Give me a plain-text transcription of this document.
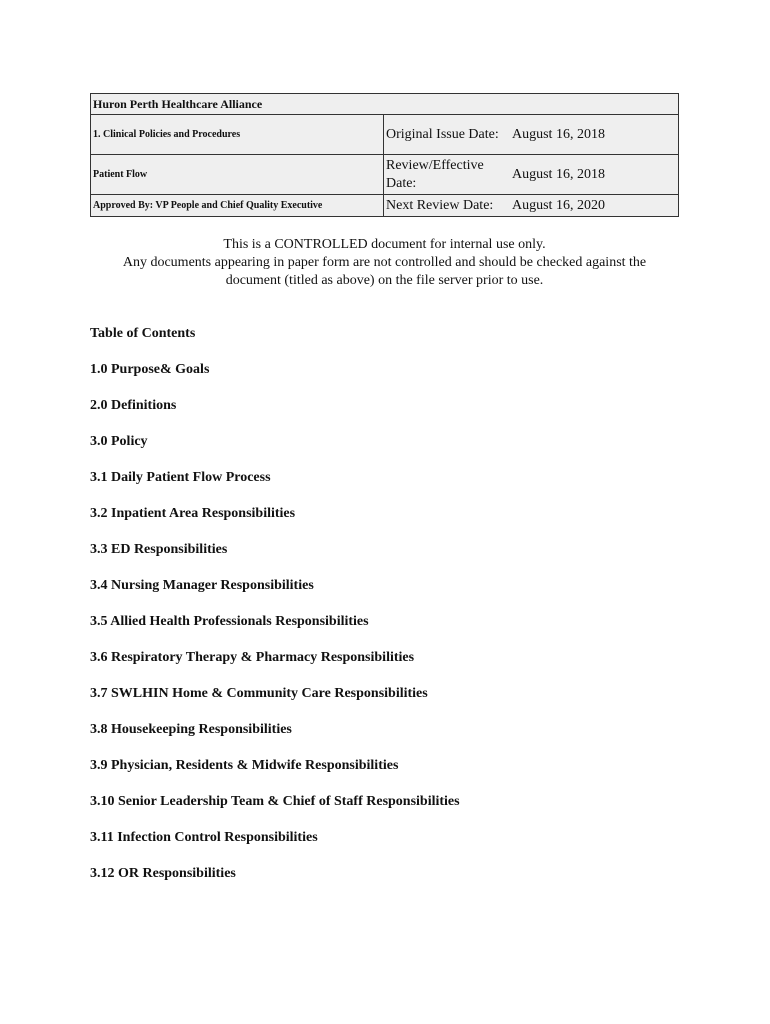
Huron Perth Healthcare Alliance		
1. Clinical Policies and Procedures	Original Issue Date:	August 16, 2018
Patient Flow	Review/Effective Date:	August 16, 2018
Approved By: VP People and Chief Quality Executive	Next Review Date:	August 16, 2020
This is a CONTROLLED document for internal use only.
Any documents appearing in paper form are not controlled and should be checked against the
document (titled as above) on the file server prior to use.
Table of Contents
1.0 Purpose& Goals
2.0 Definitions
3.0 Policy
3.1 Daily Patient Flow Process
3.2 Inpatient Area Responsibilities
3.3 ED Responsibilities
3.4 Nursing Manager Responsibilities
3.5 Allied Health Professionals Responsibilities
3.6 Respiratory Therapy & Pharmacy Responsibilities
3.7 SWLHIN Home & Community Care Responsibilities
3.8 Housekeeping Responsibilities
3.9 Physician, Residents & Midwife Responsibilities
3.10 Senior Leadership Team & Chief of Staff Responsibilities
3.11 Infection Control Responsibilities
3.12 OR Responsibilities
